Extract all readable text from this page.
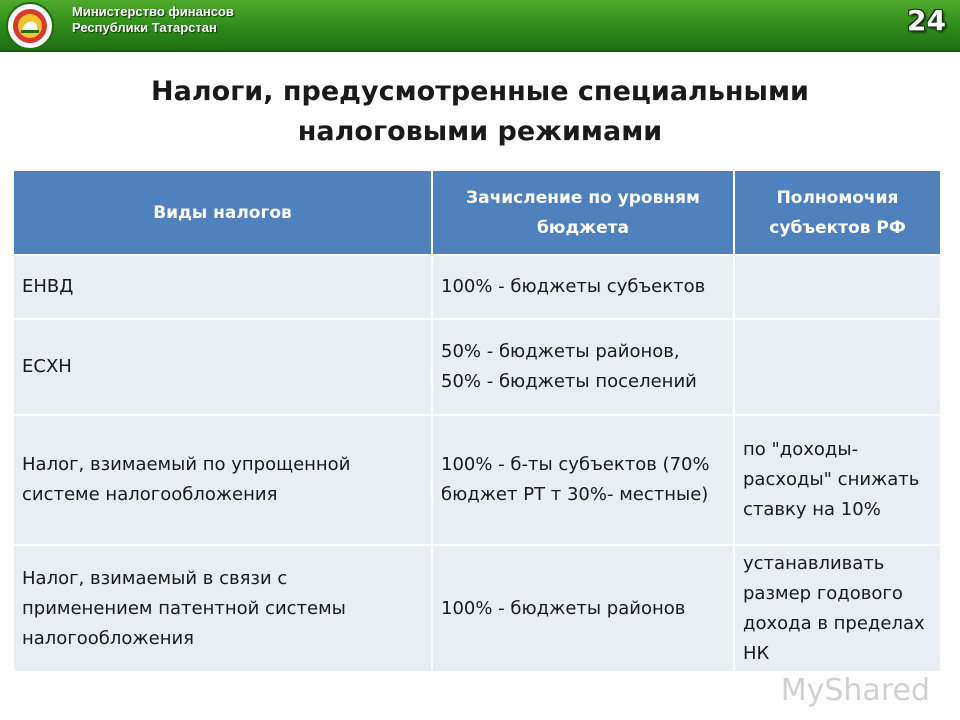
Министерство финансов
Республики Татарстан	24
Налоги, предусмотренные специальными
налоговыми режимами
Виды налогов	Зачисление по уровням бюджета	Полномочия субъектов РФ
ЕНВД	100% - бюджеты субъектов	
ЕСХН	50% - бюджеты районов, 50% - бюджеты поселений	
Налог, взимаемый по упрощенной системе налогообложения	100% - б-ты субъектов (70% бюджет РТ т 30%- местные)	по "доходы-расходы" снижать ставку на 10%
Налог, взимаемый в связи с применением патентной системы налогообложения	100% - бюджеты районов	устанавливать размер годового дохода в пределах НК
MyShared
